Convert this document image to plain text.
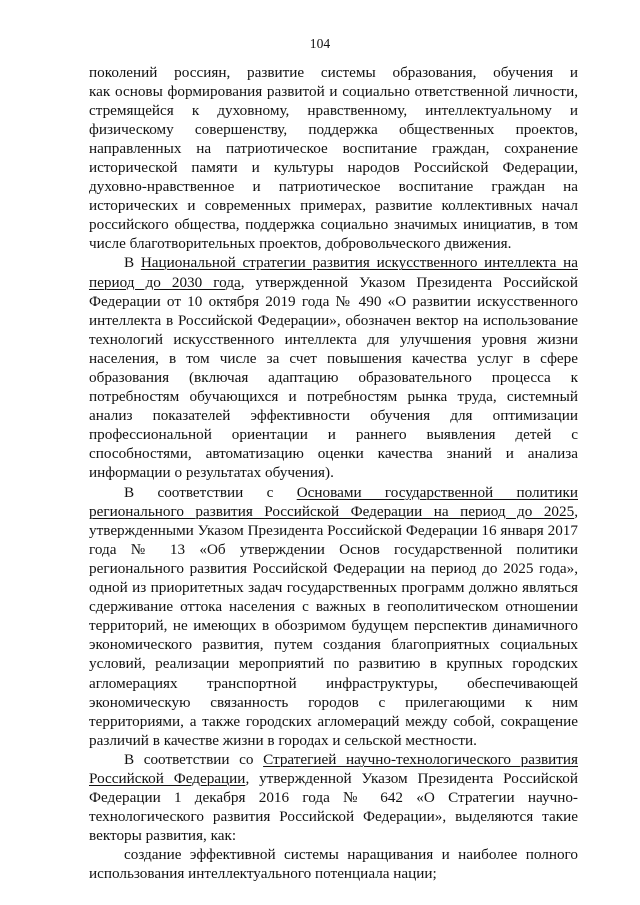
104
поколений россиян, развитие системы образования, обучения и
как основы формирования развитой и социально ответственной личности,
стремящейся к духовному, нравственному, интеллектуальному и
физическому совершенству, поддержка общественных проектов,
направленных на патриотическое воспитание граждан, сохранение
исторической памяти и культуры народов Российской Федерации,
духовно-нравственное и патриотическое воспитание граждан на
исторических и современных примерах, развитие коллективных начал
российского общества, поддержка социально значимых инициатив, в том
числе благотворительных проектов, добровольческого движения.
В Национальной стратегии развития искусственного интеллекта на
период до 2030 года, утвержденной Указом Президента Российской
Федерации от 10 октября 2019 года № 490 «О развитии искусственного
интеллекта в Российской Федерации», обозначен вектор на использование
технологий искусственного интеллекта для улучшения уровня жизни
населения, в том числе за счет повышения качества услуг в сфере
образования (включая адаптацию образовательного процесса к
потребностям обучающихся и потребностям рынка труда, системный
анализ показателей эффективности обучения для оптимизации
профессиональной ориентации и раннего выявления детей с
способностями, автоматизацию оценки качества знаний и анализа
информации о результатах обучения).
В соответствии с Основами государственной политики
регионального развития Российской Федерации на период до 2025,
утвержденными Указом Президента Российской Федерации 16 января 2017
года № 13 «Об утверждении Основ государственной политики
регионального развития Российской Федерации на период до 2025 года»,
одной из приоритетных задач государственных программ должно являться
сдерживание оттока населения с важных в геополитическом отношении
территорий, не имеющих в обозримом будущем перспектив динамичного
экономического развития, путем создания благоприятных социальных
условий, реализации мероприятий по развитию в крупных городских
агломерациях транспортной инфраструктуры, обеспечивающей
экономическую связанность городов с прилегающими к ним
территориями, а также городских агломераций между собой, сокращение
различий в качестве жизни в городах и сельской местности.
В соответствии со Стратегией научно-технологического развития
Российской Федерации, утвержденной Указом Президента Российской
Федерации 1 декабря 2016 года № 642 «О Стратегии научно-
технологического развития Российской Федерации», выделяются такие
векторы развития, как:
создание эффективной системы наращивания и наиболее полного
использования интеллектуального потенциала нации;
